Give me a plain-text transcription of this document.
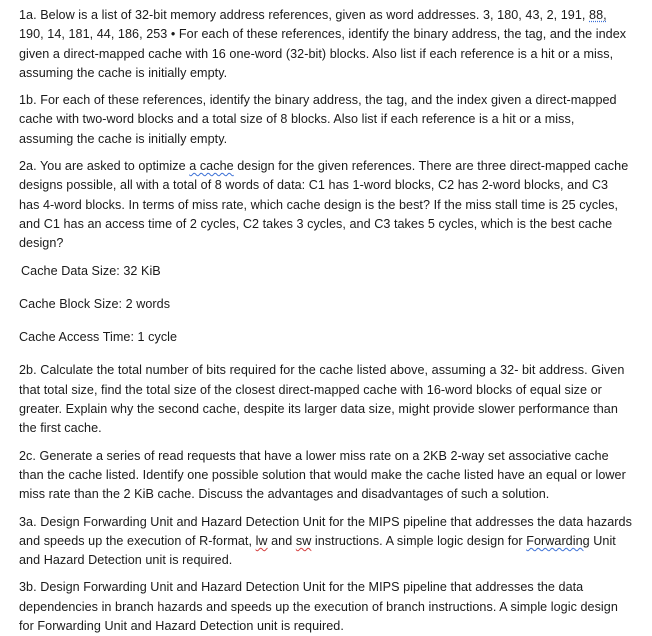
1a. Below is a list of 32-bit memory address references, given as word addresses. 3, 180, 43, 2, 191, 88, 190, 14, 181, 44, 186, 253 • For each of these references, identify the binary address, the tag, and the index given a direct-mapped cache with 16 one-word (32-bit) blocks. Also list if each reference is a hit or a miss, assuming the cache is initially empty.

1b. For each of these references, identify the binary address, the tag, and the index given a direct-mapped cache with two-word blocks and a total size of 8 blocks. Also list if each reference is a hit or a miss, assuming the cache is initially empty.

2a. You are asked to optimize a cache design for the given references. There are three direct-mapped cache designs possible, all with a total of 8 words of data: C1 has 1-word blocks, C2 has 2-word blocks, and C3 has 4-word blocks. In terms of miss rate, which cache design is the best? If the miss stall time is 25 cycles, and C1 has an access time of 2 cycles, C2 takes 3 cycles, and C3 takes 5 cycles, which is the best cache design?

Cache Data Size: 32 KiB

Cache Block Size: 2 words

Cache Access Time: 1 cycle

2b. Calculate the total number of bits required for the cache listed above, assuming a 32- bit address. Given that total size, find the total size of the closest direct-mapped cache with 16-word blocks of equal size or greater. Explain why the second cache, despite its larger data size, might provide slower performance than the first cache.

2c. Generate a series of read requests that have a lower miss rate on a 2KB 2-way set associative cache than the cache listed. Identify one possible solution that would make the cache listed have an equal or lower miss rate than the 2 KiB cache. Discuss the advantages and disadvantages of such a solution.

3a. Design Forwarding Unit and Hazard Detection Unit for the MIPS pipeline that addresses the data hazards and speeds up the execution of R-format, lw and sw instructions. A simple logic design for Forwarding Unit and Hazard Detection unit is required.

3b. Design Forwarding Unit and Hazard Detection Unit for the MIPS pipeline that addresses the data dependencies in branch hazards and speeds up the execution of branch instructions. A simple logic design for Forwarding Unit and Hazard Detection unit is required.
